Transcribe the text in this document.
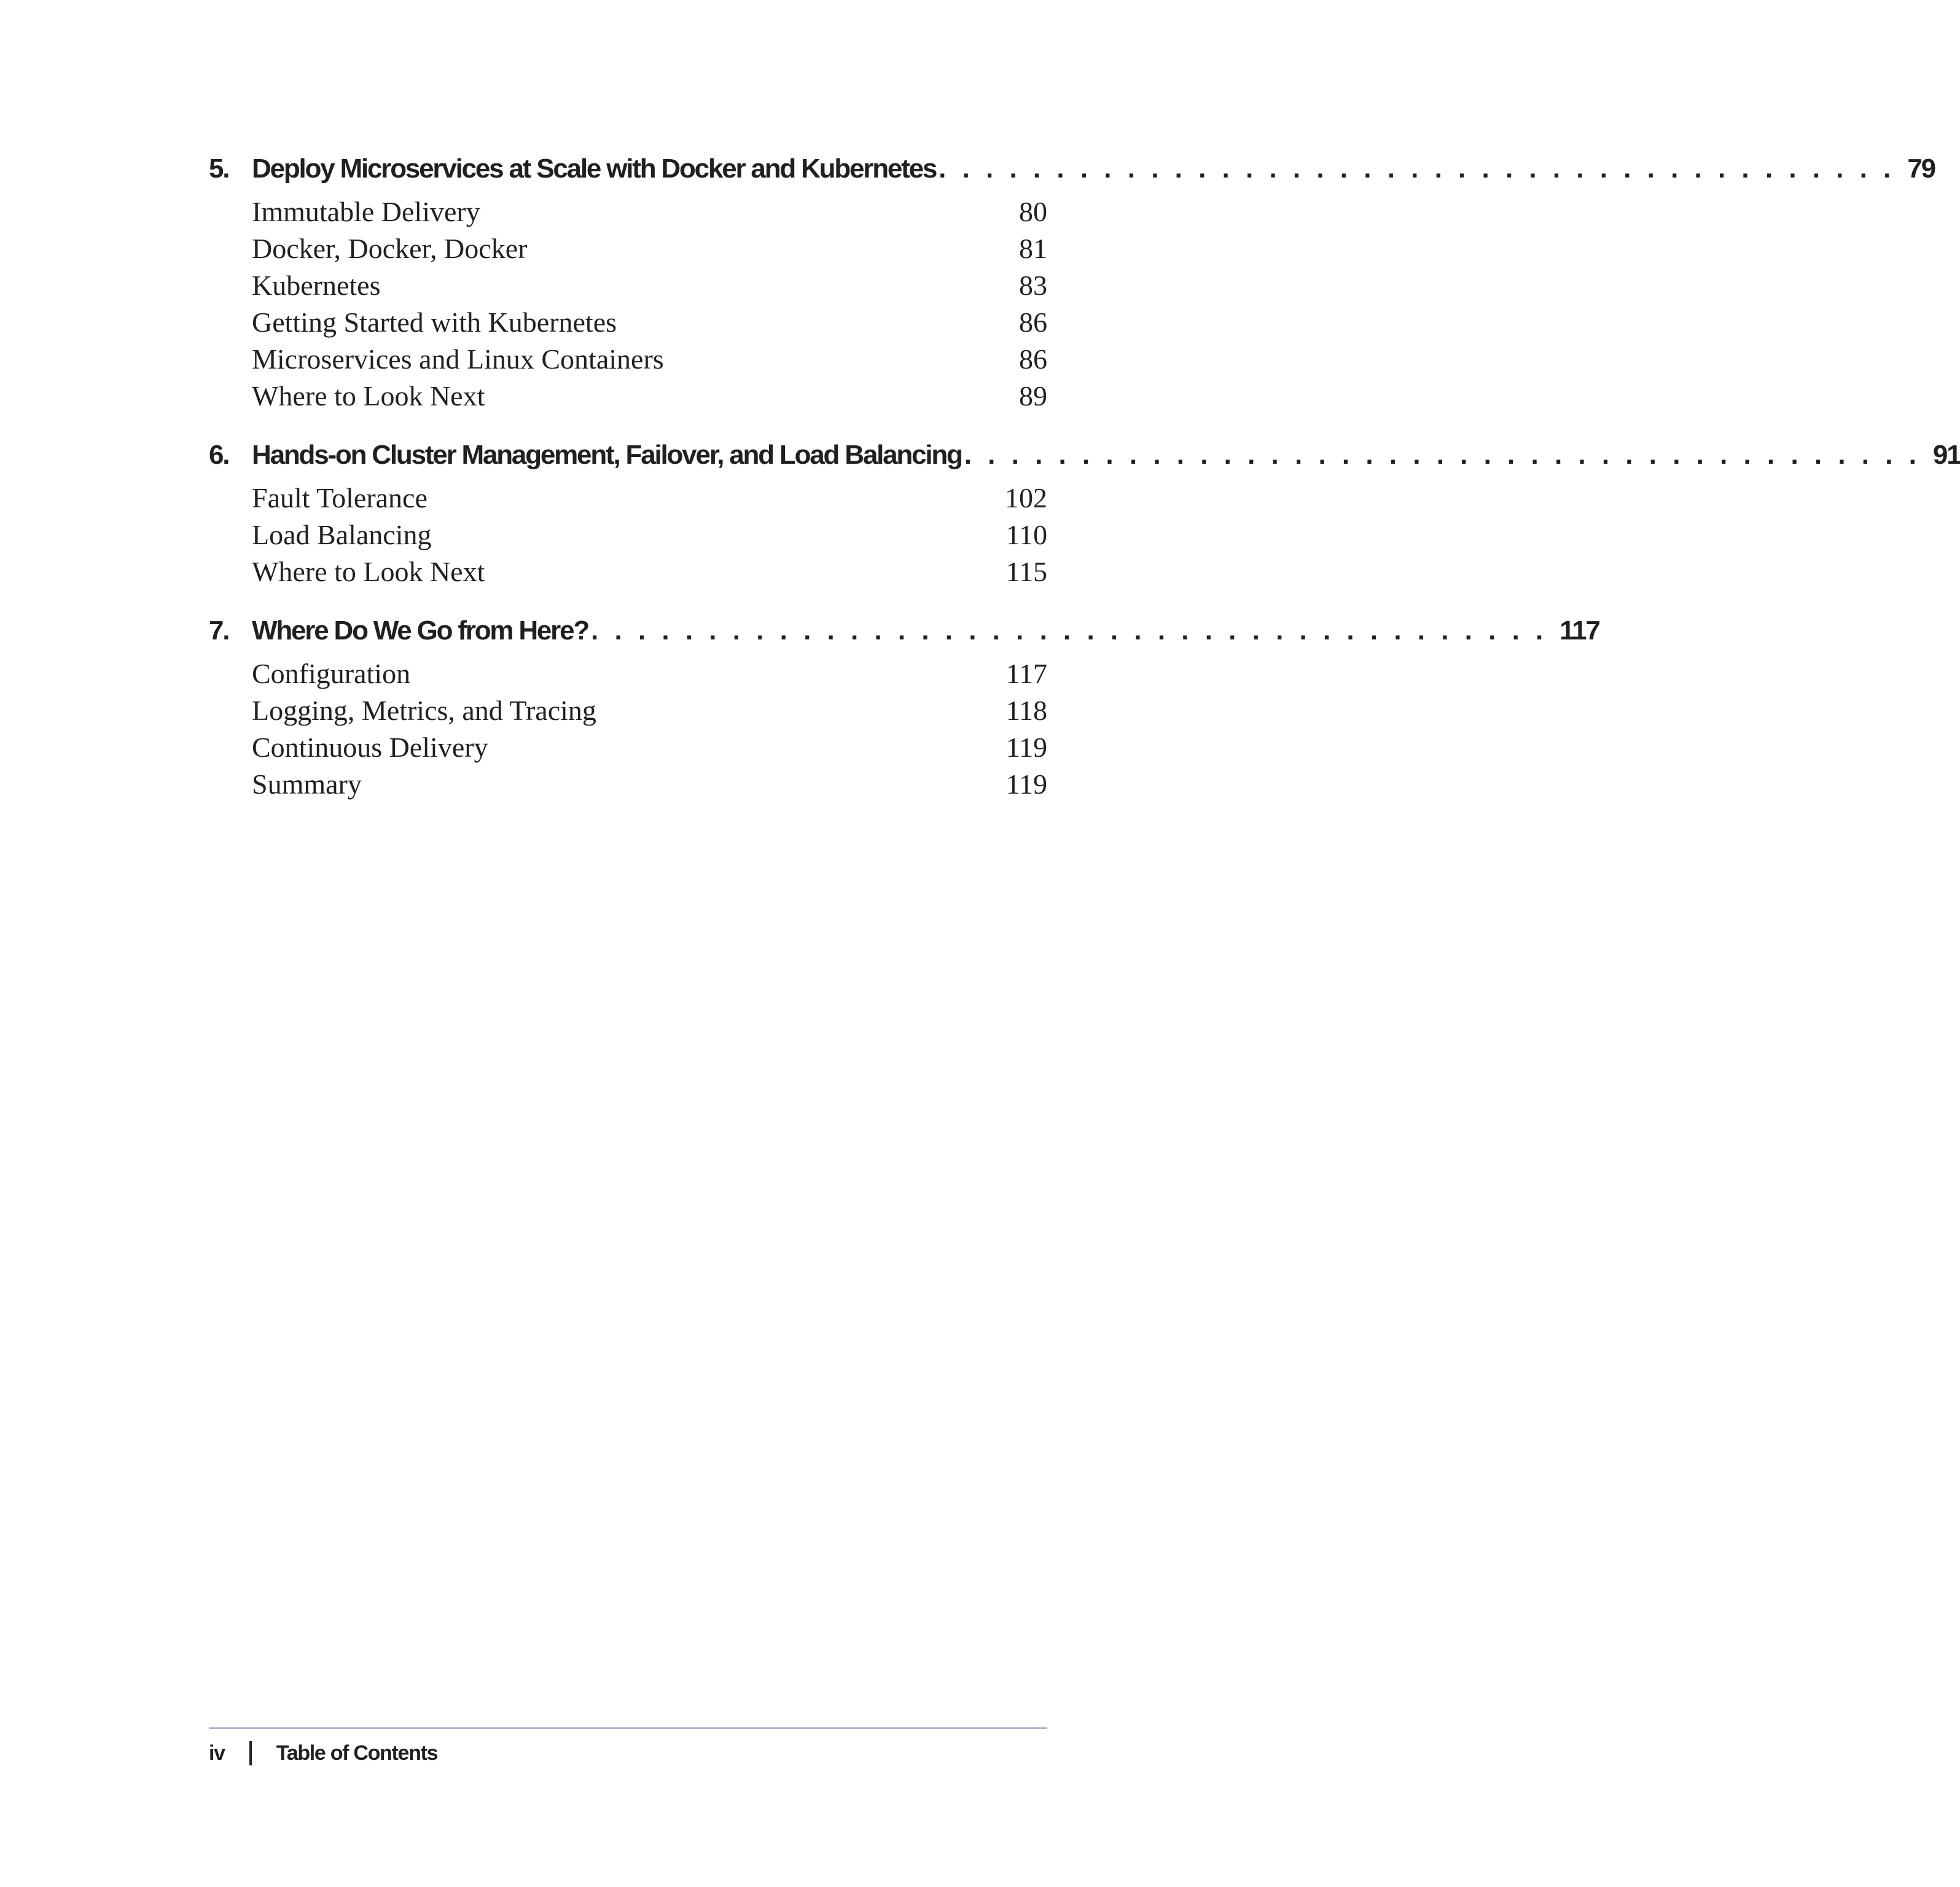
5. Deploy Microservices at Scale with Docker and Kubernetes . . . . . . . . . . . . . . . . . . . . . . . . . . . . . . . . . . . . . . . . . 79
Immutable Delivery	80
Docker, Docker, Docker	81
Kubernetes	83
Getting Started with Kubernetes	86
Microservices and Linux Containers	86
Where to Look Next	89
6. Hands-on Cluster Management, Failover, and Load Balancing . . . . . . . . . . . . . . . . . . . . . . . . . . . . . . . . . . . . . . . . . 91
Fault Tolerance	102
Load Balancing	110
Where to Look Next	115
7. Where Do We Go from Here? . . . . . . . . . . . . . . . . . . . . . . . . . . . . . . . . . . . . . . . . . 117
Configuration	117
Logging, Metrics, and Tracing	118
Continuous Delivery	119
Summary	119
iv Table of Contents
